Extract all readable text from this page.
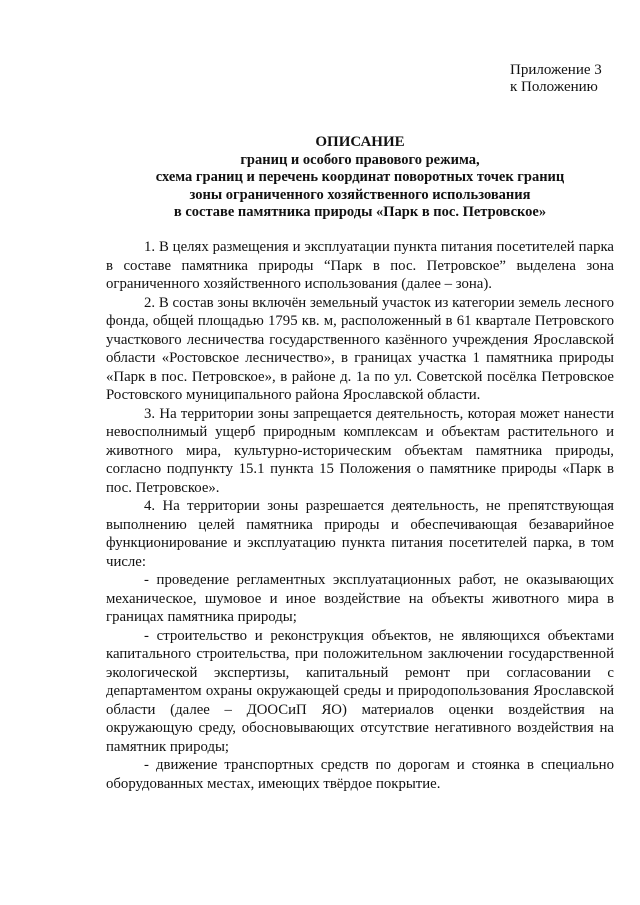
Приложение 3
к Положению
ОПИСАНИЕ
границ и особого правового режима,
схема границ и перечень координат поворотных точек границ
зоны ограниченного хозяйственного использования
в составе памятника природы «Парк в пос. Петровское»

1. В целях размещения и эксплуатации пункта питания посетителей парка в составе памятника природы “Парк в пос. Петровское” выделена зона ограниченного хозяйственного использования (далее – зона).

2. В состав зоны включён земельный участок из категории земель лесного фонда, общей площадью 1795 кв. м, расположенный в 61 квартале Петровского участкового лесничества государственного казённого учреждения Ярославской области «Ростовское лесничество», в границах участка 1 памятника природы «Парк в пос. Петровское», в районе д. 1а по ул. Советской посёлка Петровское Ростовского муниципального района Ярославской области.

3. На территории зоны запрещается деятельность, которая может нанести невосполнимый ущерб природным комплексам и объектам растительного и животного мира, культурно-историческим объектам памятника природы, согласно подпункту 15.1 пункта 15 Положения о памятнике природы «Парк в пос. Петровское».

4. На территории зоны разрешается деятельность, не препятствующая выполнению целей памятника природы и обеспечивающая безаварийное функционирование и эксплуатацию пункта питания посетителей парка, в том числе:

- проведение регламентных эксплуатационных работ, не оказывающих механическое, шумовое и иное воздействие на объекты животного мира в границах памятника природы;

- строительство и реконструкция объектов, не являющихся объектами капитального строительства, при положительном заключении государственной экологической экспертизы, капитальный ремонт при согласовании с департаментом охраны окружающей среды и природопользования Ярославской области (далее – ДООСиП ЯО) материалов оценки воздействия на окружающую среду, обосновывающих отсутствие негативного воздействия на памятник природы;

- движение транспортных средств по дорогам и стоянка в специально оборудованных местах, имеющих твёрдое покрытие.
